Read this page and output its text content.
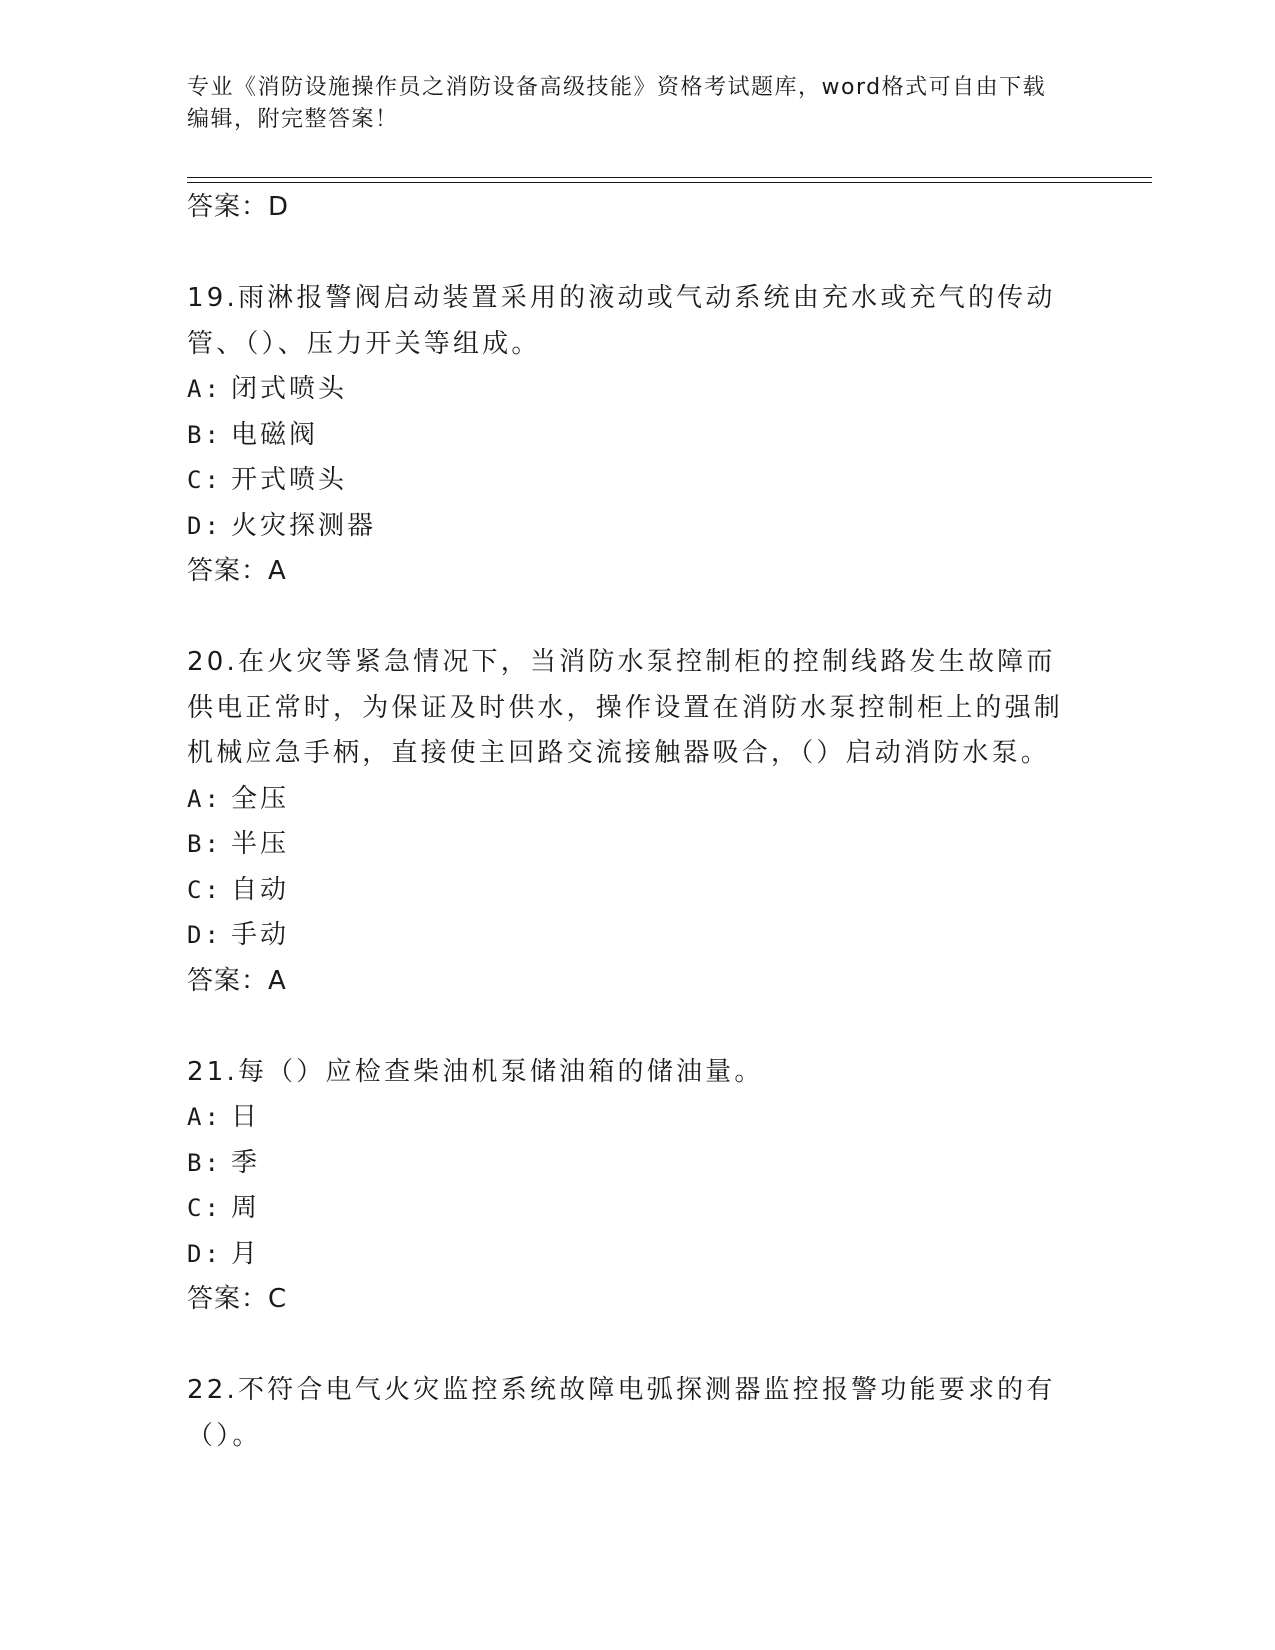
专业《消防设施操作员之消防设备高级技能》资格考试题库，word格式可自由下载编辑，附完整答案！
答案：D
19.雨淋报警阀启动装置采用的液动或气动系统由充水或充气的传动管、（）、压力开关等组成。
A: 闭式喷头
B: 电磁阀
C: 开式喷头
D: 火灾探测器
答案：A
20.在火灾等紧急情况下，当消防水泵控制柜的控制线路发生故障而供电正常时，为保证及时供水，操作设置在消防水泵控制柜上的强制机械应急手柄，直接使主回路交流接触器吸合，（）启动消防水泵。
A: 全压
B: 半压
C: 自动
D: 手动
答案：A
21.每（）应检查柴油机泵储油箱的储油量。
A: 日
B: 季
C: 周
D: 月
答案：C
22.不符合电气火灾监控系统故障电弧探测器监控报警功能要求的有（）。
